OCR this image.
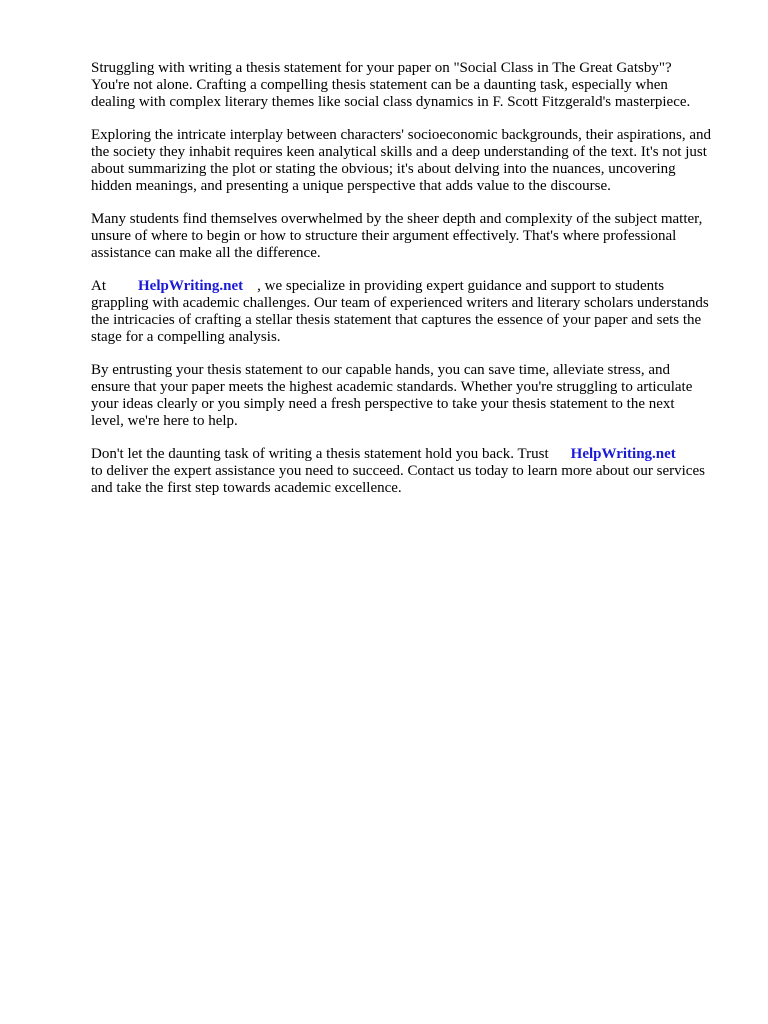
Struggling with writing a thesis statement for your paper on "Social Class in The Great Gatsby"? You're not alone. Crafting a compelling thesis statement can be a daunting task, especially when dealing with complex literary themes like social class dynamics in F. Scott Fitzgerald's masterpiece.

Exploring the intricate interplay between characters' socioeconomic backgrounds, their aspirations, and the society they inhabit requires keen analytical skills and a deep understanding of the text. It's not just about summarizing the plot or stating the obvious; it's about delving into the nuances, uncovering hidden meanings, and presenting a unique perspective that adds value to the discourse.

Many students find themselves overwhelmed by the sheer depth and complexity of the subject matter, unsure of where to begin or how to structure their argument effectively. That's where professional assistance can make all the difference.

At HelpWriting.net , we specialize in providing expert guidance and support to students grappling with academic challenges. Our team of experienced writers and literary scholars understands the intricacies of crafting a stellar thesis statement that captures the essence of your paper and sets the stage for a compelling analysis.

By entrusting your thesis statement to our capable hands, you can save time, alleviate stress, and ensure that your paper meets the highest academic standards. Whether you're struggling to articulate your ideas clearly or you simply need a fresh perspective to take your thesis statement to the next level, we're here to help.

Don't let the daunting task of writing a thesis statement hold you back. Trust HelpWriting.net
to deliver the expert assistance you need to succeed. Contact us today to learn more about our services and take the first step towards academic excellence.
